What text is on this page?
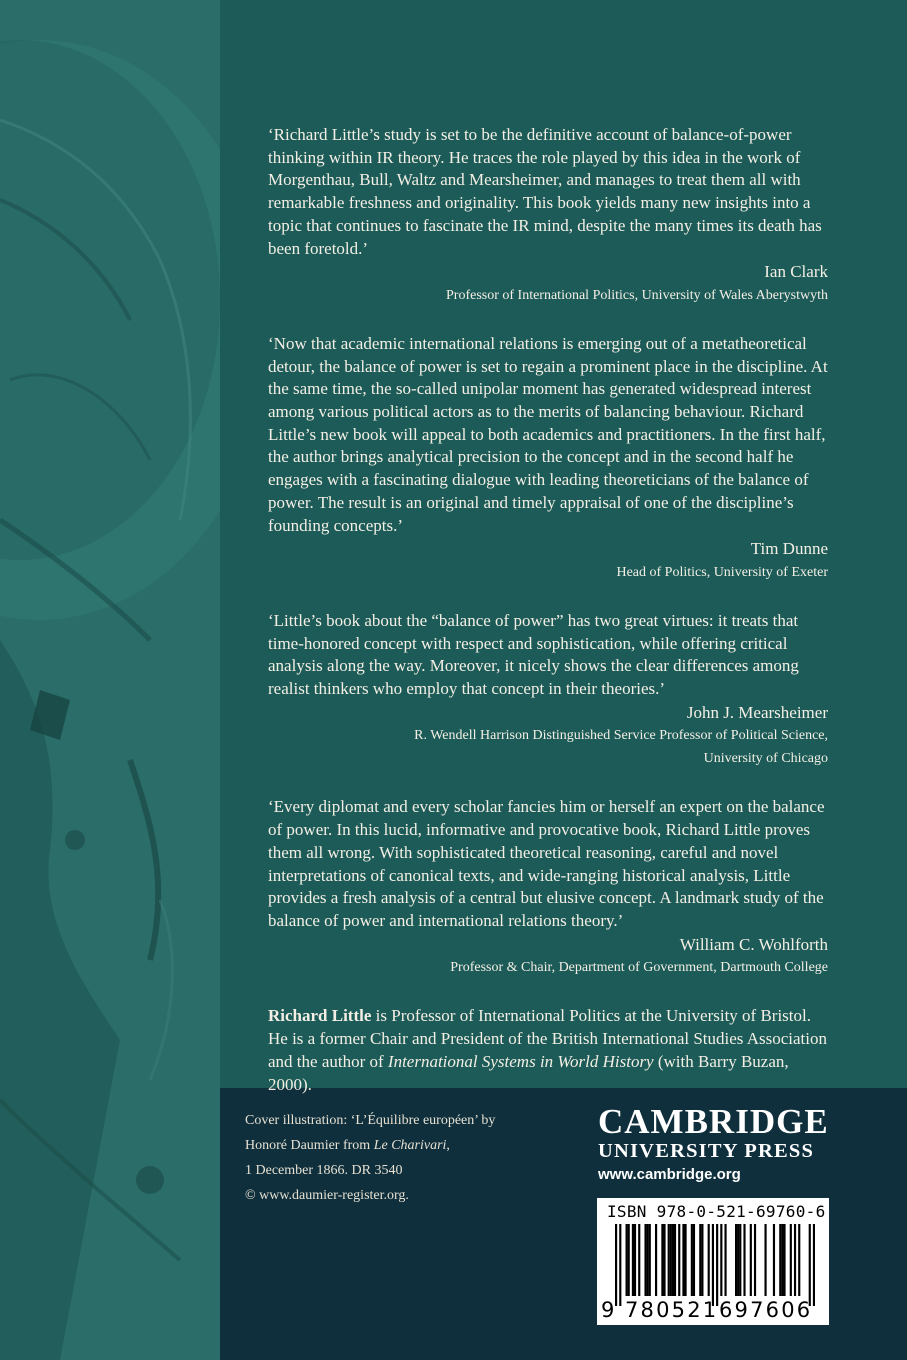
‘Richard Little’s study is set to be the definitive account of balance-of-power thinking within IR theory. He traces the role played by this idea in the work of Morgenthau, Bull, Waltz and Mearsheimer, and manages to treat them all with remarkable freshness and originality. This book yields many new insights into a topic that continues to fascinate the IR mind, despite the many times its death has been foretold.’

Ian Clark

Professor of International Politics, University of Wales Aberystwyth

‘Now that academic international relations is emerging out of a metatheoretical detour, the balance of power is set to regain a prominent place in the discipline. At the same time, the so-called unipolar moment has generated widespread interest among various political actors as to the merits of balancing behaviour. Richard Little’s new book will appeal to both academics and practitioners. In the first half, the author brings analytical precision to the concept and in the second half he engages with a fascinating dialogue with leading theoreticians of the balance of power. The result is an original and timely appraisal of one of the discipline’s founding concepts.’

Tim Dunne

Head of Politics, University of Exeter

‘Little’s book about the “balance of power” has two great virtues: it treats that time-honored concept with respect and sophistication, while offering critical analysis along the way. Moreover, it nicely shows the clear differences among realist thinkers who employ that concept in their theories.’

John J. Mearsheimer

R. Wendell Harrison Distinguished Service Professor of Political Science,

University of Chicago

‘Every diplomat and every scholar fancies him or herself an expert on the balance of power. In this lucid, informative and provocative book, Richard Little proves them all wrong. With sophisticated theoretical reasoning, careful and novel interpretations of canonical texts, and wide-ranging historical analysis, Little provides a fresh analysis of a central but elusive concept. A landmark study of the balance of power and international relations theory.’

William C. Wohlforth

Professor & Chair, Department of Government, Dartmouth College

Richard Little is Professor of International Politics at the University of Bristol. He is a former Chair and President of the British International Studies Association and the author of International Systems in World History (with Barry Buzan, 2000).

Cover illustration: ‘L’Équilibre européen’ by
Honoré Daumier from Le Charivari,
1 December 1866. DR 3540
© www.daumier-register.org.
CAMBRIDGE
UNIVERSITY PRESS
www.cambridge.org
ISBN 978-0-521-69760-6
9 780521 697606
